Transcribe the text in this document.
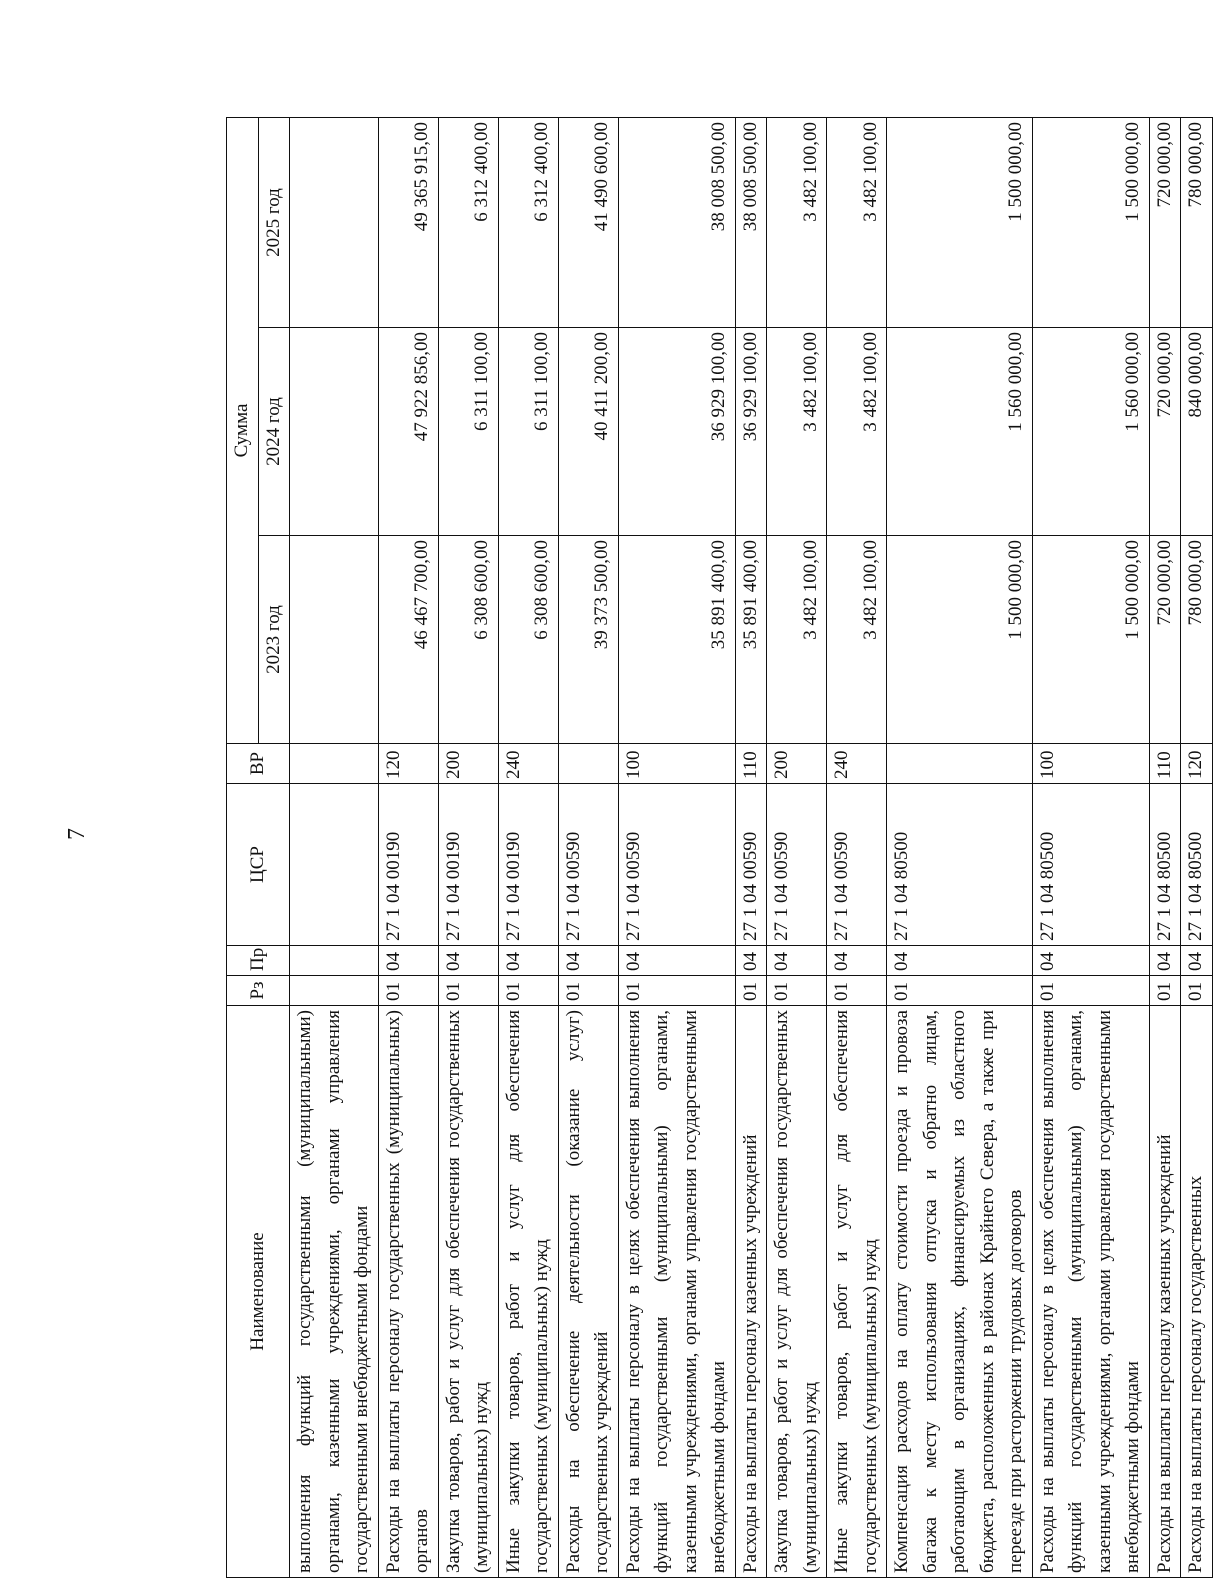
7
Наименование	Рз	Пр	ЦСР	ВР	Сумма		
					2023 год	2024 год	2025 год
выполнения функций государственными (муниципальными) органами, казенными учреждениями, органами управления государственными внебюджетными фондами							
Расходы на выплаты персоналу государственных (муниципальных) органов	01	04	27 1 04 00190	120	46 467 700,00	47 922 856,00	49 365 915,00
Закупка товаров, работ и услуг для обеспечения государственных (муниципальных) нужд	01	04	27 1 04 00190	200	6 308 600,00	6 311 100,00	6 312 400,00
Иные закупки товаров, работ и услуг для обеспечения государственных (муниципальных) нужд	01	04	27 1 04 00190	240	6 308 600,00	6 311 100,00	6 312 400,00
Расходы на обеспечение деятельности (оказание услуг) государственных учреждений	01	04	27 1 04 00590		39 373 500,00	40 411 200,00	41 490 600,00
Расходы на выплаты персоналу в целях обеспечения выполнения функций государственными (муниципальными) органами, казенными учреждениями, органами управления государственными внебюджетными фондами	01	04	27 1 04 00590	100	35 891 400,00	36 929 100,00	38 008 500,00
Расходы на выплаты персоналу казенных учреждений	01	04	27 1 04 00590	110	35 891 400,00	36 929 100,00	38 008 500,00
Закупка товаров, работ и услуг для обеспечения государственных (муниципальных) нужд	01	04	27 1 04 00590	200	3 482 100,00	3 482 100,00	3 482 100,00
Иные закупки товаров, работ и услуг для обеспечения государственных (муниципальных) нужд	01	04	27 1 04 00590	240	3 482 100,00	3 482 100,00	3 482 100,00
Компенсация расходов на оплату стоимости проезда и провоза багажа к месту использования отпуска и обратно лицам, работающим в организациях, финансируемых из областного бюджета, расположенных в районах Крайнего Севера, а также при переезде при расторжении трудовых договоров	01	04	27 1 04 80500		1 500 000,00	1 560 000,00	1 500 000,00
Расходы на выплаты персоналу в целях обеспечения выполнения функций государственными (муниципальными) органами, казенными учреждениями, органами управления государственными внебюджетными фондами	01	04	27 1 04 80500	100	1 500 000,00	1 560 000,00	1 500 000,00
Расходы на выплаты персоналу казенных учреждений	01	04	27 1 04 80500	110	720 000,00	720 000,00	720 000,00
Расходы на выплаты персоналу государственных	01	04	27 1 04 80500	120	780 000,00	840 000,00	780 000,00
